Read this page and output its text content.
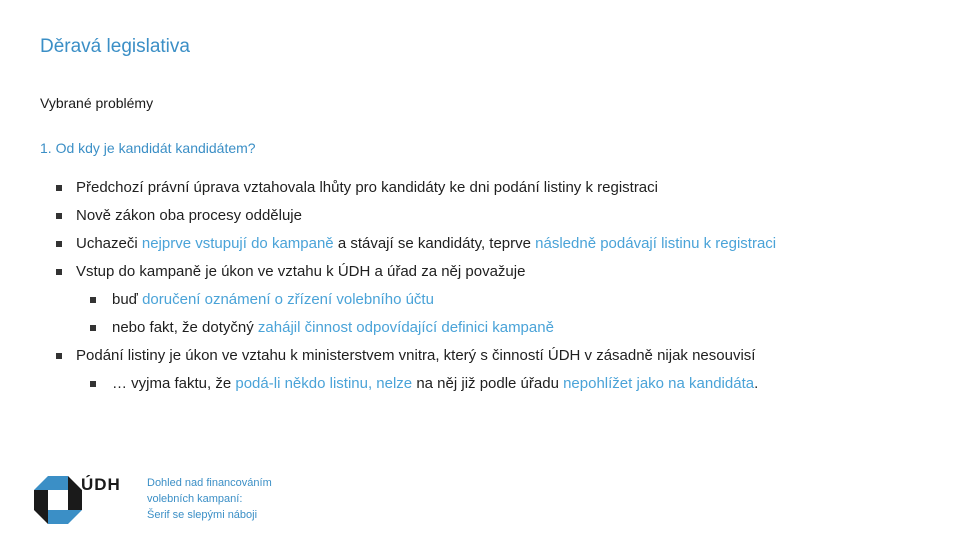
Děravá legislativa
Vybrané problémy
1. Od kdy je kandidát kandidátem?
Předchozí právní úprava vztahovala lhůty pro kandidáty ke dni podání listiny k registraci
Nově zákon oba procesy odděluje
Uchazeči nejprve vstupují do kampaně a stávají se kandidáty, teprve následně podávají listinu k registraci
Vstup do kampaně je úkon ve vztahu k ÚDH a úřad za něj považuje
buď doručení oznámení o zřízení volebního účtu
nebo fakt, že dotyčný zahájil činnost odpovídající definici kampaně
Podání listiny je úkon ve vztahu k ministerstvem vnitra, který s činností ÚDH v zásadně nijak nesouvisí
… vyjma faktu, že podá-li někdo listinu, nelze na něj již podle úřadu nepohlížet jako na kandidáta.
ÚDH Dohled nad financováním
volebních kampaní:
Šerif se slepými náboji
